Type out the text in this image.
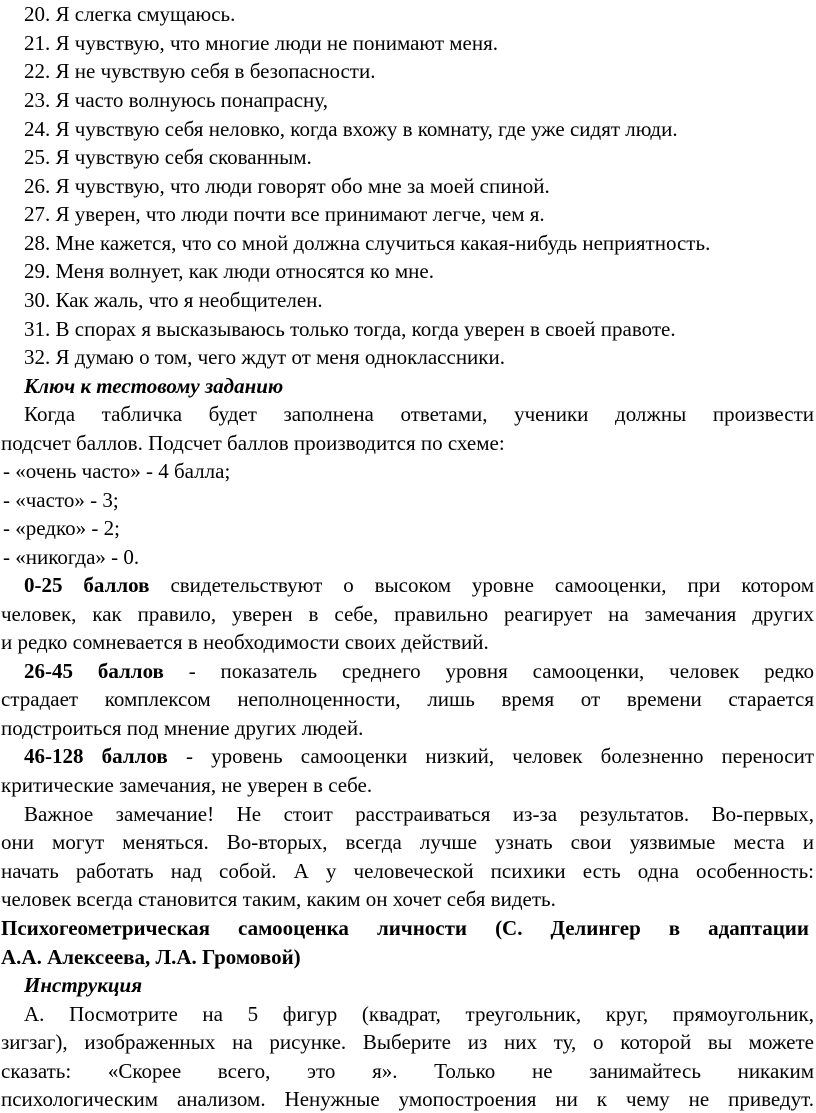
20. Я слегка смущаюсь.
21. Я чувствую, что многие люди не понимают меня.
22. Я не чувствую себя в безопасности.
23. Я часто волнуюсь понапрасну,
24. Я чувствую себя неловко, когда вхожу в комнату, где уже сидят люди.
25. Я чувствую себя скованным.
26. Я чувствую, что люди говорят обо мне за моей спиной.
27. Я уверен, что люди почти все принимают легче, чем я.
28. Мне кажется, что со мной должна случиться какая-нибудь неприятность.
29. Меня волнует, как люди относятся ко мне.
30. Как жаль, что я необщителен.
31. В спорах я высказываюсь только тогда, когда уверен в своей правоте.
32. Я думаю о том, чего ждут от меня одноклассники.
Ключ к тестовому заданию
Когда табличка будет заполнена ответами, ученики должны произвести
подсчет баллов. Подсчет баллов производится по схеме:
- «очень часто» - 4 балла;
- «часто» - 3;
- «редко» - 2;
- «никогда» - 0.
0-25 баллов свидетельствуют о высоком уровне самооценки, при котором
человек, как правило, уверен в себе, правильно реагирует на замечания других
и редко сомневается в необходимости своих действий.
26-45 баллов - показатель среднего уровня самооценки, человек редко
страдает комплексом неполноценности, лишь время от времени старается
подстроиться под мнение других людей.
46-128 баллов - уровень самооценки низкий, человек болезненно переносит
критические замечания, не уверен в себе.
Важное замечание! Не стоит расстраиваться из-за результатов. Во-первых,
они могут меняться. Во-вторых, всегда лучше узнать свои уязвимые места и
начать работать над собой. А у человеческой психики есть одна особенность:
человек всегда становится таким, каким он хочет себя видеть.
Психогеометрическая самооценка личности (С. Делингер в адаптации
А.А. Алексеева, Л.А. Громовой)
Инструкция
А. Посмотрите на 5 фигур (квадрат, треугольник, круг, прямоугольник,
зигзаг), изображенных на рисунке. Выберите из них ту, о которой вы можете
сказать: «Скорее всего, это я». Только не занимайтесь никаким
психологическим анализом. Ненужные умопостроения ни к чему не приведут.
